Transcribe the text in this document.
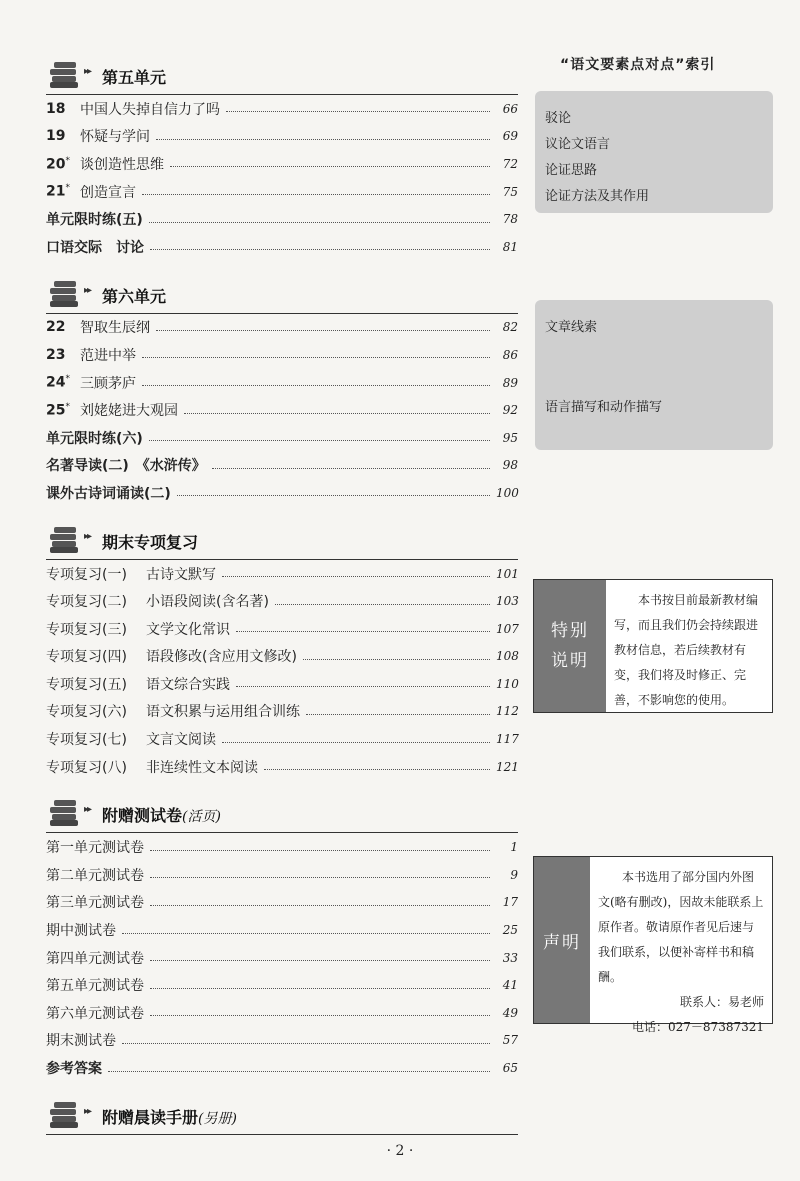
▸▸ 第五单元
18	中国人失掉自信力了吗	66
19	怀疑与学问	69
20* 谈创造性思维	72
21* 创造宣言	75
单元限时练(五)	78
口语交际　讨论	81
▸▸ 第六单元
22	智取生辰纲	82
23	范进中举	86
24* 三顾茅庐	89
25* 刘姥姥进大观园	92
单元限时练(六)	95
名著导读(二)　《水浒传》	98
课外古诗词诵读(二)	100
▸▸ 期末专项复习
专项复习(一)	古诗文默写	101
专项复习(二)	小语段阅读(含名著)	103
专项复习(三)	文学文化常识	107
专项复习(四)	语段修改(含应用文修改)	108
专项复习(五)	语文综合实践	110
专项复习(六)	语文积累与运用组合训练	112
专项复习(七)	文言文阅读	117
专项复习(八)	非连续性文本阅读	121
▸▸ 附赠测试卷(活页)
第一单元测试卷	1
第二单元测试卷	9
第三单元测试卷	17
期中测试卷	25
第四单元测试卷	33
第五单元测试卷	41
第六单元测试卷	49
期末测试卷	57
参考答案	65
▸▸ 附赠晨读手册(另册)
“语文要素点对点”索引
驳论
议论文语言
论证思路
论证方法及其作用
文章线索
语言描写和动作描写
特别说明

本书按目前最新教材编写，而且我们仍会持续跟进教材信息，若后续教材有变，我们将及时修正、完善，不影响您的使用。

声明

本书选用了部分国内外图文(略有删改)，因故未能联系上原作者。敬请原作者见后速与我们联系，以便补寄样书和稿酬。

联系人：易老师

电话：027－87387321

· 2 ·
